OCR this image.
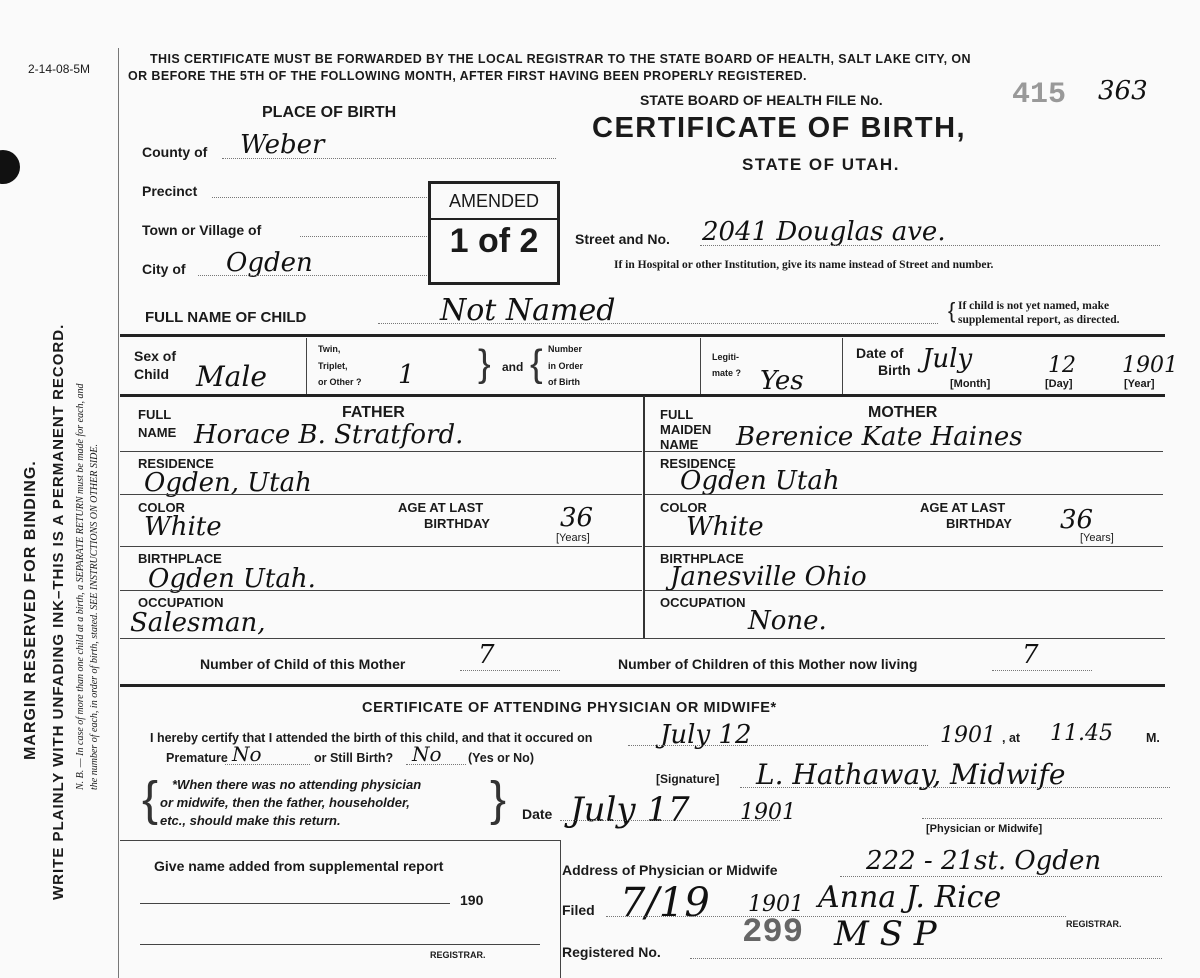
2-14-08-5M
MARGIN RESERVED FOR BINDING. WRITE PLAINLY WITH UNFADING INK–THIS IS A PERMANENT RECORD. N. B. — In case of more than one child at a birth, a SEPARATE RETURN must be made for each, and the number of each, in order of birth, stated. SEE INSTRUCTIONS ON OTHER SIDE.
THIS CERTIFICATE MUST BE FORWARDED BY THE LOCAL REGISTRAR TO THE STATE BOARD OF HEALTH, SALT LAKE CITY, ON
OR BEFORE THE 5TH OF THE FOLLOWING MONTH, AFTER FIRST HAVING BEEN PROPERLY REGISTERED.
STATE BOARD OF HEALTH FILE No.	415 363
CERTIFICATE OF BIRTH,
STATE OF UTAH.
PLACE OF BIRTH
County of Weber
Precinct
Town or Village of
City of Ogden
AMENDED
1 of 2	Street and No. 2041 Douglas ave.
If in Hospital or other Institution, give its name instead of Street and number.
FULL NAME OF CHILD	Not Named	{ If child is not yet named, make
supplemental report, as directed.
Sex of
Child Male
Twin,
Triplet,
or Other ? 1 } and { Number
in Order
of Birth
Legiti-
mate ? Yes
Date of
Birth July	12 1901
[Month]	[Day]	[Year]
FATHER
FULL
NAME Horace B. Stratford.
RESIDENCE
Ogden, Utah
COLOR
White
AGE AT LAST
BIRTHDAY	36
[Years]
BIRTHPLACE
Ogden Utah.
OCCUPATION
Salesman,
MOTHER
FULL
MAIDEN
NAME Berenice Kate Haines
RESIDENCE
Ogden Utah
COLOR
White
AGE AT LAST
BIRTHDAY 36
[Years]
BIRTHPLACE
Janesville Ohio
OCCUPATION
None.
Number of Child of this Mother	7	Number of Children of this Mother now living	7
CERTIFICATE OF ATTENDING PHYSICIAN OR MIDWIFE*
I hereby certify that I attended the birth of this child, and that it occured on	July 12	1901 , at 11.45	M.
Premature No	or Still Birth? No (Yes or No)
{ *When there was no attending physician
or midwife, then the father, householder,
etc., should make this return.	}	[Signature] L. Hathaway, Midwife
Date July 17 1901
[Physician or Midwife]
Give name added from supplemental report
190
REGISTRAR.
Address of Physician or Midwife	222 - 21st. Ogden
Filed 7/19 1901 Anna J. Rice
REGISTRAR.
Registered No. 299 M S P
